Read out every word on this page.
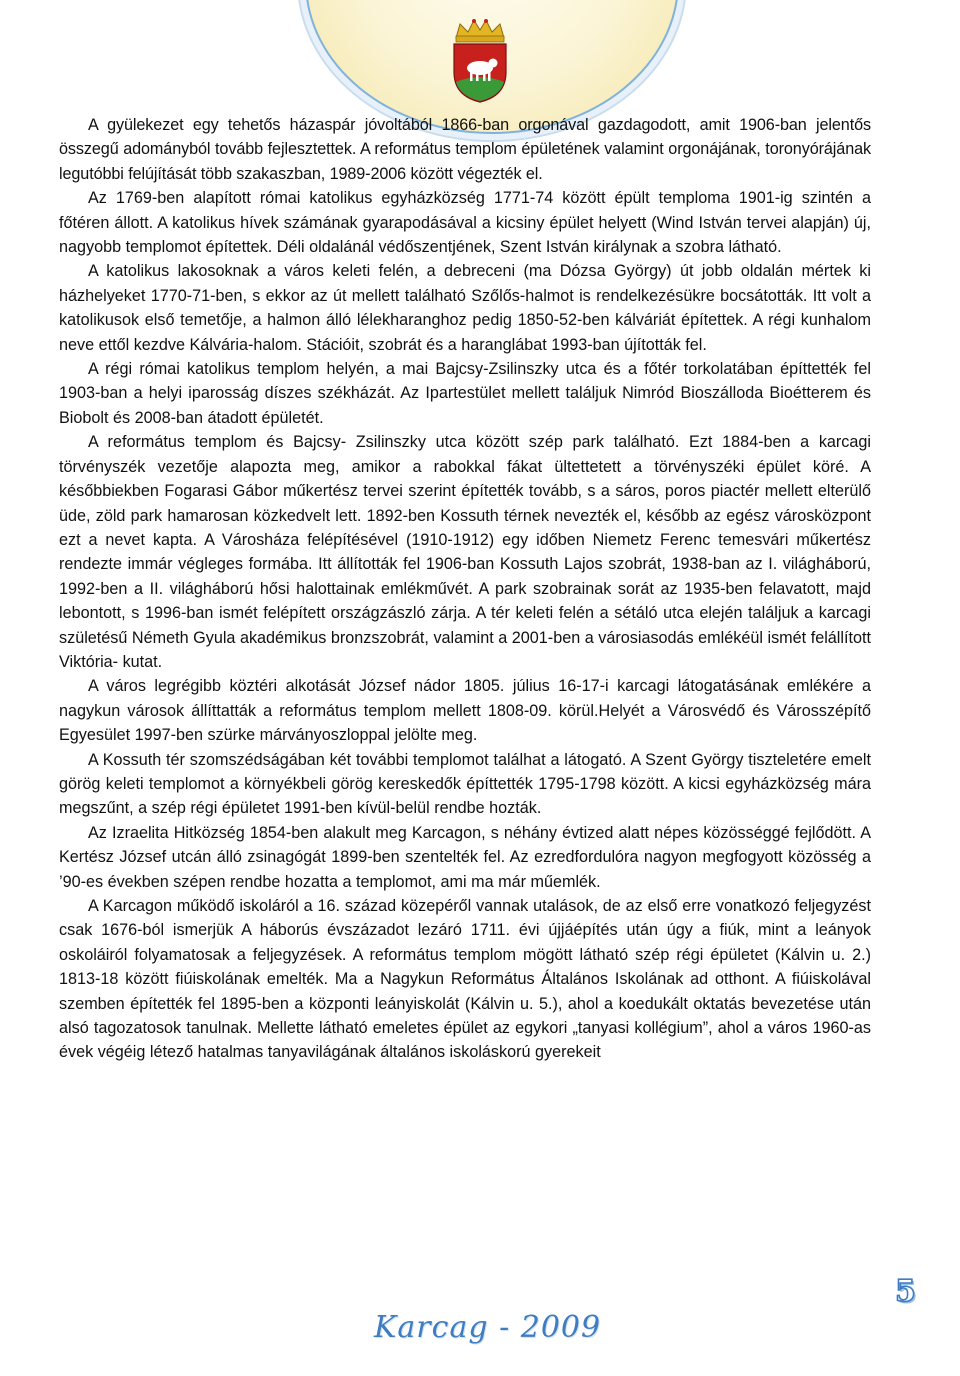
A gyülekezet egy tehetős házaspár jóvoltából 1866-ban orgonával gazdagodott, amit 1906-ban jelentős összegű adományból tovább fejlesztettek. A református templom épületének valamint orgonájának, toronyórájának legutóbbi felújítását több szakaszban, 1989-2006 között végezték el.

Az 1769-ben alapított római katolikus egyházközség 1771-74 között épült temploma 1901-ig szintén a főtéren állott. A katolikus hívek számának gyarapodásával a kicsiny épület helyett (Wind István tervei alapján) új, nagyobb templomot építettek. Déli oldalánál védőszentjének, Szent István királynak a szobra látható.

A katolikus lakosoknak a város keleti felén, a debreceni (ma Dózsa György) út jobb oldalán mértek ki házhelyeket 1770-71-ben, s ekkor az út mellett található Szőlős-halmot is rendelkezésükre bocsátották. Itt volt a katolikusok első temetője, a halmon álló lélekharanghoz pedig 1850-52-ben kálváriát építettek. A régi kunhalom neve ettől kezdve Kálvária-halom. Stációit, szobrát és a haranglábat 1993-ban újították fel.

A régi római katolikus templom helyén, a mai Bajcsy-Zsilinszky utca és a főtér torkolatában építtették fel 1903-ban a helyi iparosság díszes székházát. Az Ipartestület mellett találjuk Nimród Bioszálloda Bioétterem és Biobolt és 2008-ban átadott épületét.

A református templom és Bajcsy- Zsilinszky utca között szép park található. Ezt 1884-ben a karcagi törvényszék vezetője alapozta meg, amikor a rabokkal fákat ültettetett a törvényszéki épület köré. A későbbiekben Fogarasi Gábor műkertész tervei szerint építették tovább, s a sáros, poros piactér mellett elterülő üde, zöld park hamarosan közkedvelt lett. 1892-ben Kossuth térnek nevezték el, később az egész városközpont ezt a nevet kapta. A Városháza felépítésével (1910-1912) egy időben Niemetz Ferenc temesvári műkertész rendezte immár végleges formába. Itt állították fel 1906-ban Kossuth Lajos szobrát, 1938-ban az I. világháború, 1992-ben a II. világháború hősi halottainak emlékművét. A park szobrainak sorát az 1935-ben felavatott, majd lebontott, s 1996-ban ismét felépített országzászló zárja. A tér keleti felén a sétáló utca elején találjuk a karcagi születésű Németh Gyula akadémikus bronzszobrát, valamint a 2001-ben a városiasodás emlékéül ismét felállított Viktória- kutat.

A város legrégibb köztéri alkotását József nádor 1805. július 16-17-i karcagi látogatásának emlékére a nagykun városok állíttatták a református templom mellett 1808-09. körül.Helyét a Városvédő és Városszépítő Egyesület 1997-ben szürke márványoszloppal jelölte meg.

A Kossuth tér szomszédságában két további templomot találhat a látogató. A Szent György tiszteletére emelt görög keleti templomot a környékbeli görög kereskedők építtették 1795-1798 között. A kicsi egyházközség mára megszűnt, a szép régi épületet 1991-ben kívül-belül rendbe hozták.

Az Izraelita Hitközség 1854-ben alakult meg Karcagon, s néhány évtized alatt népes közösséggé fejlődött. A Kertész József utcán álló zsinagógát 1899-ben szentelték fel. Az ezredfordulóra nagyon megfogyott közösség a ’90-es években szépen rendbe hozatta a templomot, ami ma már műemlék.

A Karcagon működő iskoláról a 16. század közepéről vannak utalások, de az első erre vonatkozó feljegyzést csak 1676-ból ismerjük A háborús évszázadot lezáró 1711. évi újjáépítés után úgy a fiúk, mint a leányok oskoláiról folyamatosak a feljegyzések. A református templom mögött látható szép régi épületet (Kálvin u. 2.) 1813-18 között fiúiskolának emelték. Ma a Nagykun Református Általános Iskolának ad otthont. A fiúiskolával szemben építették fel 1895-ben a központi leányiskolát (Kálvin u. 5.), ahol a koedukált oktatás bevezetése után alsó tagozatosok tanulnak. Mellette látható emeletes épület az egykori „tanyasi kollégium”, ahol a város 1960-as évek végéig létező hatalmas tanyavilágának általános iskoláskorú gyerekeit

Karcag - 2009
5
